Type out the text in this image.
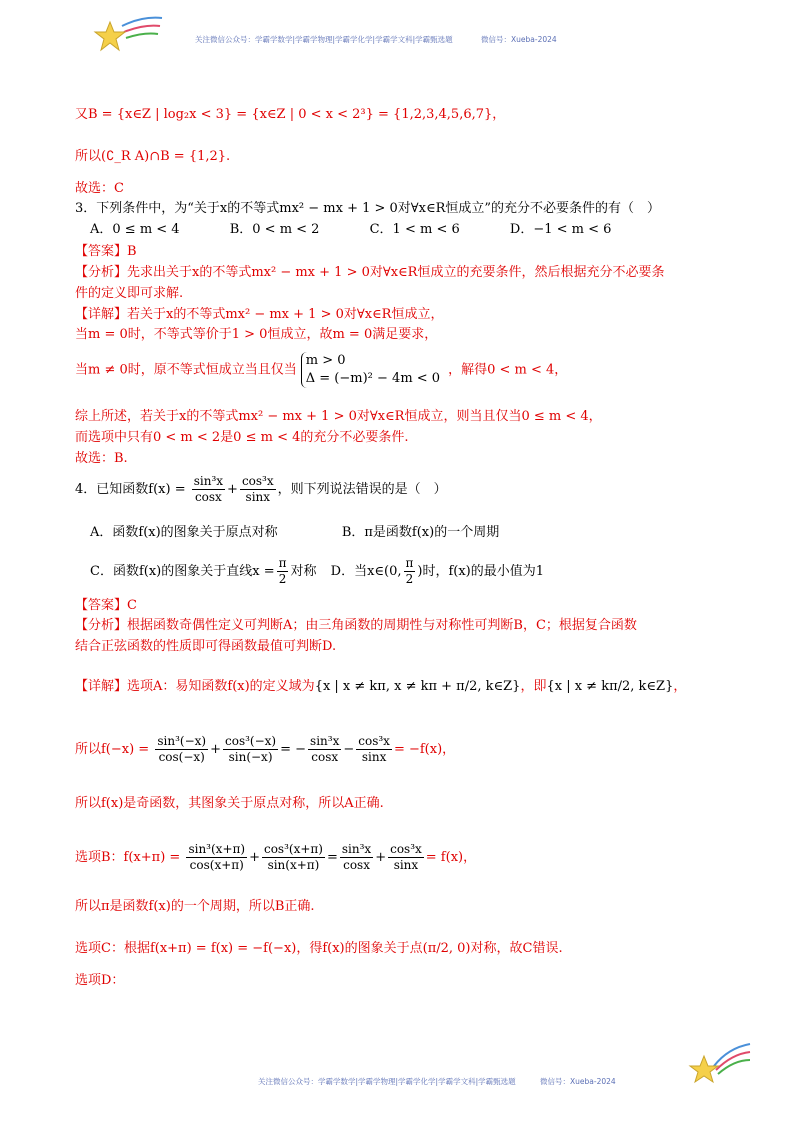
关注微信公众号：学霸学数学|学霸学物理|学霸学化学|学霸学文科|学霸甄选题	微信号：Xueba-2024
又B = {x∈Z | log₂x < 3} = {x∈Z | 0 < x < 2³} = {1,2,3,4,5,6,7}，
所以(∁_R A)∩B = {1,2}.
故选：C
3．下列条件中，为“关于x的不等式mx² − mx + 1 > 0对∀x∈R恒成立”的充分不必要条件的有（　）
A．0 ≤ m < 4	B．0 < m < 2	C．1 < m < 6	D．−1 < m < 6
【答案】B
【分析】先求出关于x的不等式mx² − mx + 1 > 0对∀x∈R恒成立的充要条件，然后根据充分不必要条
件的定义即可求解.
【详解】若关于x的不等式mx² − mx + 1 > 0对∀x∈R恒成立，
当m = 0时，不等式等价于1 > 0恒成立，故m = 0满足要求，
当m ≠ 0时，原不等式恒成立当且仅当
m > 0
Δ = (−m)² − 4m < 0
，解得0 < m < 4，
综上所述，若关于x的不等式mx² − mx + 1 > 0对∀x∈R恒成立，则当且仅当0 ≤ m < 4，
而选项中只有0 < m < 2是0 ≤ m < 4的充分不必要条件.
故选：B.
4．已知函数$f(x) = \frac{\text{sin³x}}{\cos x} + \frac{\text{cos³x}}{\sin x}$ ，则下列说法错误的是（　）
A．函数f(x)的图象关于原点对称	B．π是函数f(x)的一个周期
C．函数f(x)的图象关于直线$x = \frac{\pi}{2}$ 对称 D．当x∈(0, $\frac{\pi}{2}$ )时，f(x)的最小值为1
【答案】C
【分析】根据函数奇偶性定义可判断A；由三角函数的周期性与对称性可判断B，C；根据复合函数
结合正弦函数的性质即可得函数最值可判断D.
【详解】选项A：易知函数f(x)的定义域为{x | x ≠ kπ, x ≠ kπ + π/2, k∈Z}，即{x | x ≠ kπ/2, k∈Z}，
所以$f(-x) = \frac{\text{sin³(−x)}}{\cos(-x)} + \frac{\text{cos³(−x)}}{\sin(-x)}$ = − $\frac{\text{sin³x}}{\cos x} - \frac{\text{cos³x}}{\sin x} = -f(x)$，
所以f(x)是奇函数，其图象关于原点对称，所以A正确.
选项B：$f(x+\pi) = \frac{\text{sin³(x+π)}}{\cos(x+\pi)} + \frac{\text{cos³(x+π)}}{\sin(x+\pi)} = \frac{\text{sin³x}}{\cos x} + \frac{\text{cos³x}}{\sin x} = f(x)$，
所以π是函数f(x)的一个周期，所以B正确.
选项C：根据f(x+π) = f(x) = −f(−x)，得f(x)的图象关于点(π/2, 0)对称，故C错误.
选项D：
关注微信公众号：学霸学数学|学霸学物理|学霸学化学|学霸学文科|学霸甄选题	微信号：Xueba-2024
